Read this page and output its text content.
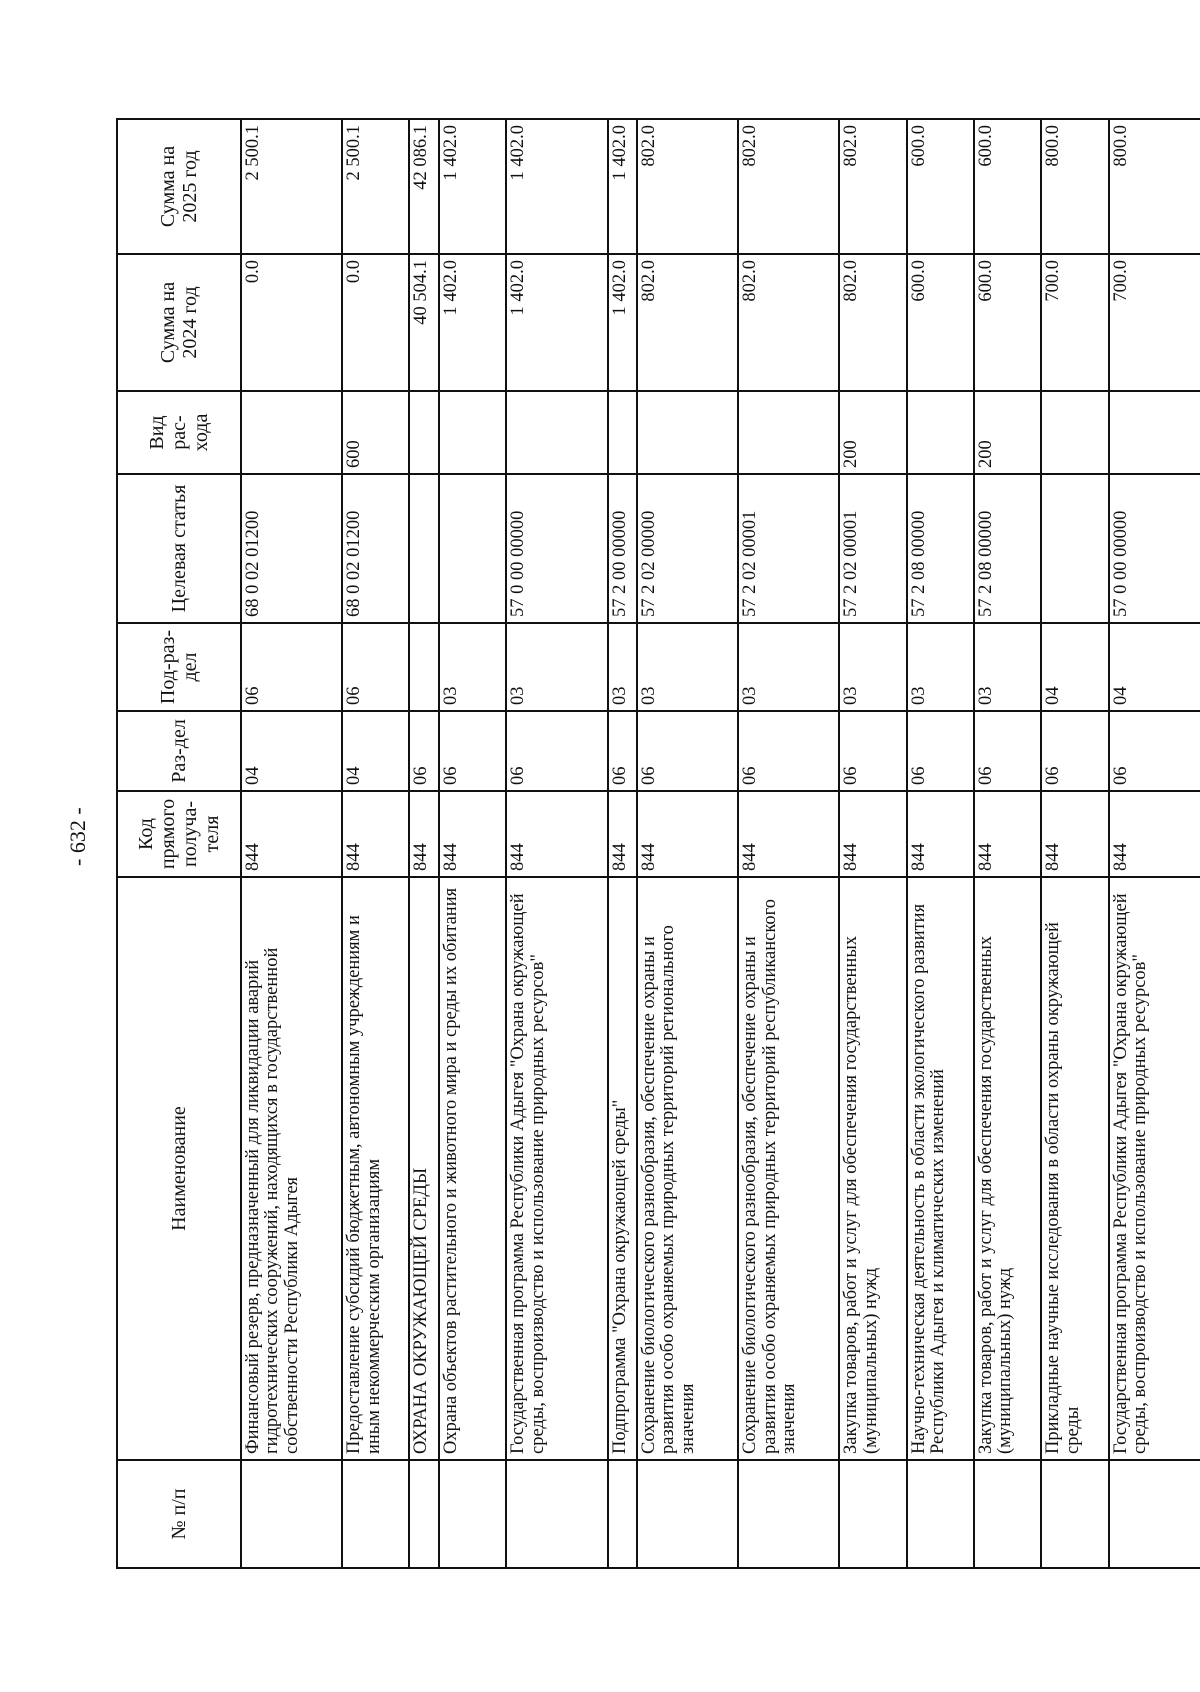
- 632 -
№ п/п	Наименование	Код прямого получа-теля	Раз-дел	Под-раз-дел	Целевая статья	Вид рас-хода	Сумма на 2024 год	Сумма на 2025 год
	Финансовый резерв, предназначенный для ликвидации аварий гидротехнических сооружений, находящихся в государственной собственности Республики Адыгея	844	04	06	68 0 02 01200		0.0	2 500.1
	Предоставление субсидий бюджетным, автономным учреждениям и иным некоммерческим организациям	844	04	06	68 0 02 01200	600	0.0	2 500.1
	ОХРАНА ОКРУЖАЮЩЕЙ СРЕДЫ	844	06				40 504.1	42 086.1
	Охрана объектов растительного и животного мира и среды их обитания	844	06	03			1 402.0	1 402.0
	Государственная программа Республики Адыгея "Охрана окружающей среды, воспроизводство и использование природных ресурсов"	844	06	03	57 0 00 00000		1 402.0	1 402.0
	Подпрограмма "Охрана окружающей среды"	844	06	03	57 2 00 00000		1 402.0	1 402.0
	Сохранение биологического разнообразия, обеспечение охраны и развития особо охраняемых природных территорий регионального значения	844	06	03	57 2 02 00000		802.0	802.0
	Сохранение биологического разнообразия, обеспечение охраны и развития особо охраняемых природных территорий республиканского значения	844	06	03	57 2 02 00001		802.0	802.0
	Закупка товаров, работ и услуг для обеспечения государственных (муниципальных) нужд	844	06	03	57 2 02 00001	200	802.0	802.0
	Научно-техническая деятельность в области экологического развития Республики Адыгея и климатических изменений	844	06	03	57 2 08 00000		600.0	600.0
	Закупка товаров, работ и услуг для обеспечения государственных (муниципальных) нужд	844	06	03	57 2 08 00000	200	600.0	600.0
	Прикладные научные исследования в области охраны окружающей среды	844	06	04			700.0	800.0
	Государственная программа Республики Адыгея "Охрана окружающей среды, воспроизводство и использование природных ресурсов"	844	06	04	57 0 00 00000		700.0	800.0
